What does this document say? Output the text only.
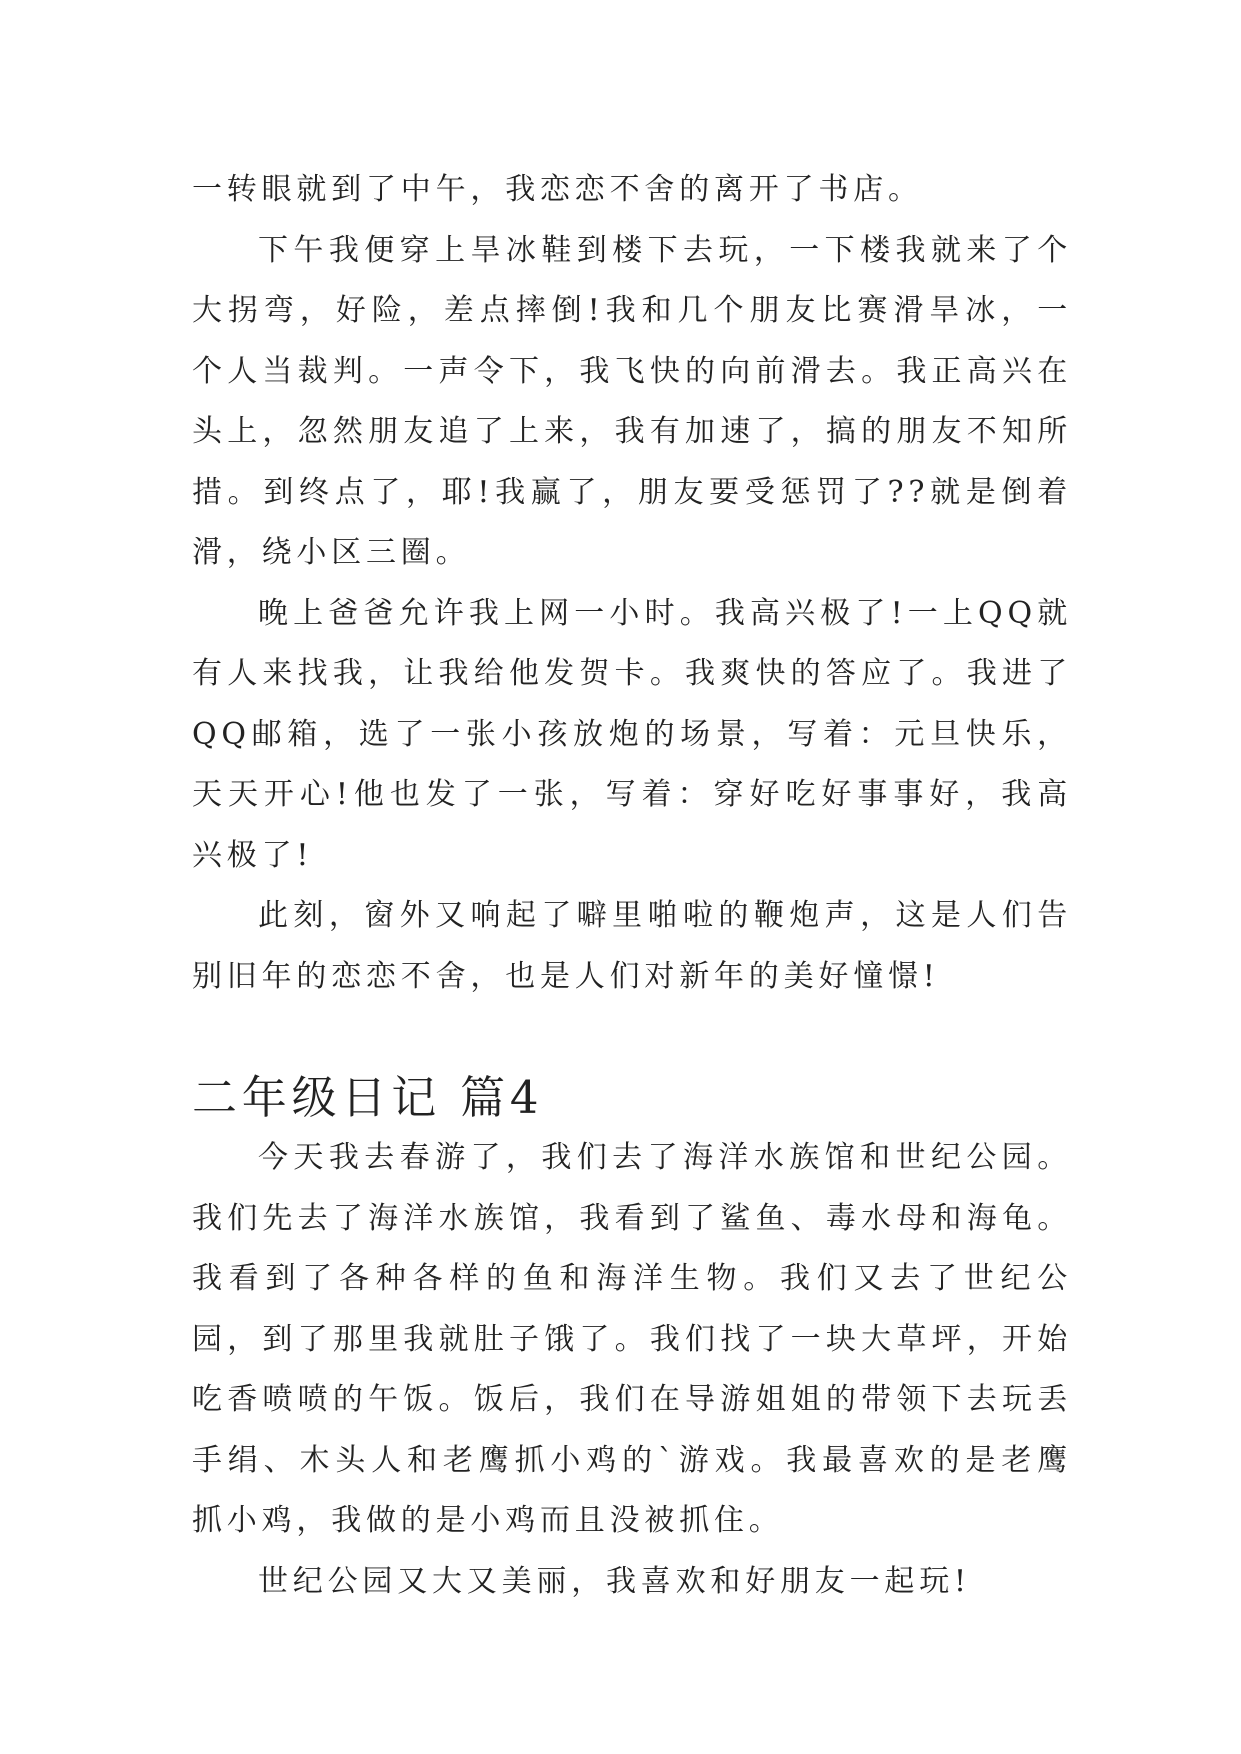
一转眼就到了中午，我恋恋不舍的离开了书店。

下午我便穿上旱冰鞋到楼下去玩，一下楼我就来了个大拐弯，好险，差点摔倒!我和几个朋友比赛滑旱冰，一个人当裁判。一声令下，我飞快的向前滑去。我正高兴在头上，忽然朋友追了上来，我有加速了，搞的朋友不知所措。到终点了，耶!我赢了，朋友要受惩罚了??就是倒着滑，绕小区三圈。

晚上爸爸允许我上网一小时。我高兴极了!一上QQ就有人来找我，让我给他发贺卡。我爽快的答应了。我进了QQ邮箱，选了一张小孩放炮的场景，写着：元旦快乐，天天开心!他也发了一张，写着：穿好吃好事事好，我高兴极了!

此刻，窗外又响起了噼里啪啦的鞭炮声，这是人们告别旧年的恋恋不舍，也是人们对新年的美好憧憬!

二年级日记 篇4

今天我去春游了，我们去了海洋水族馆和世纪公园。我们先去了海洋水族馆，我看到了鲨鱼、毒水母和海龟。我看到了各种各样的鱼和海洋生物。我们又去了世纪公园，到了那里我就肚子饿了。我们找了一块大草坪，开始吃香喷喷的午饭。饭后，我们在导游姐姐的带领下去玩丢手绢、木头人和老鹰抓小鸡的`游戏。我最喜欢的是老鹰抓小鸡，我做的是小鸡而且没被抓住。

世纪公园又大又美丽，我喜欢和好朋友一起玩!
